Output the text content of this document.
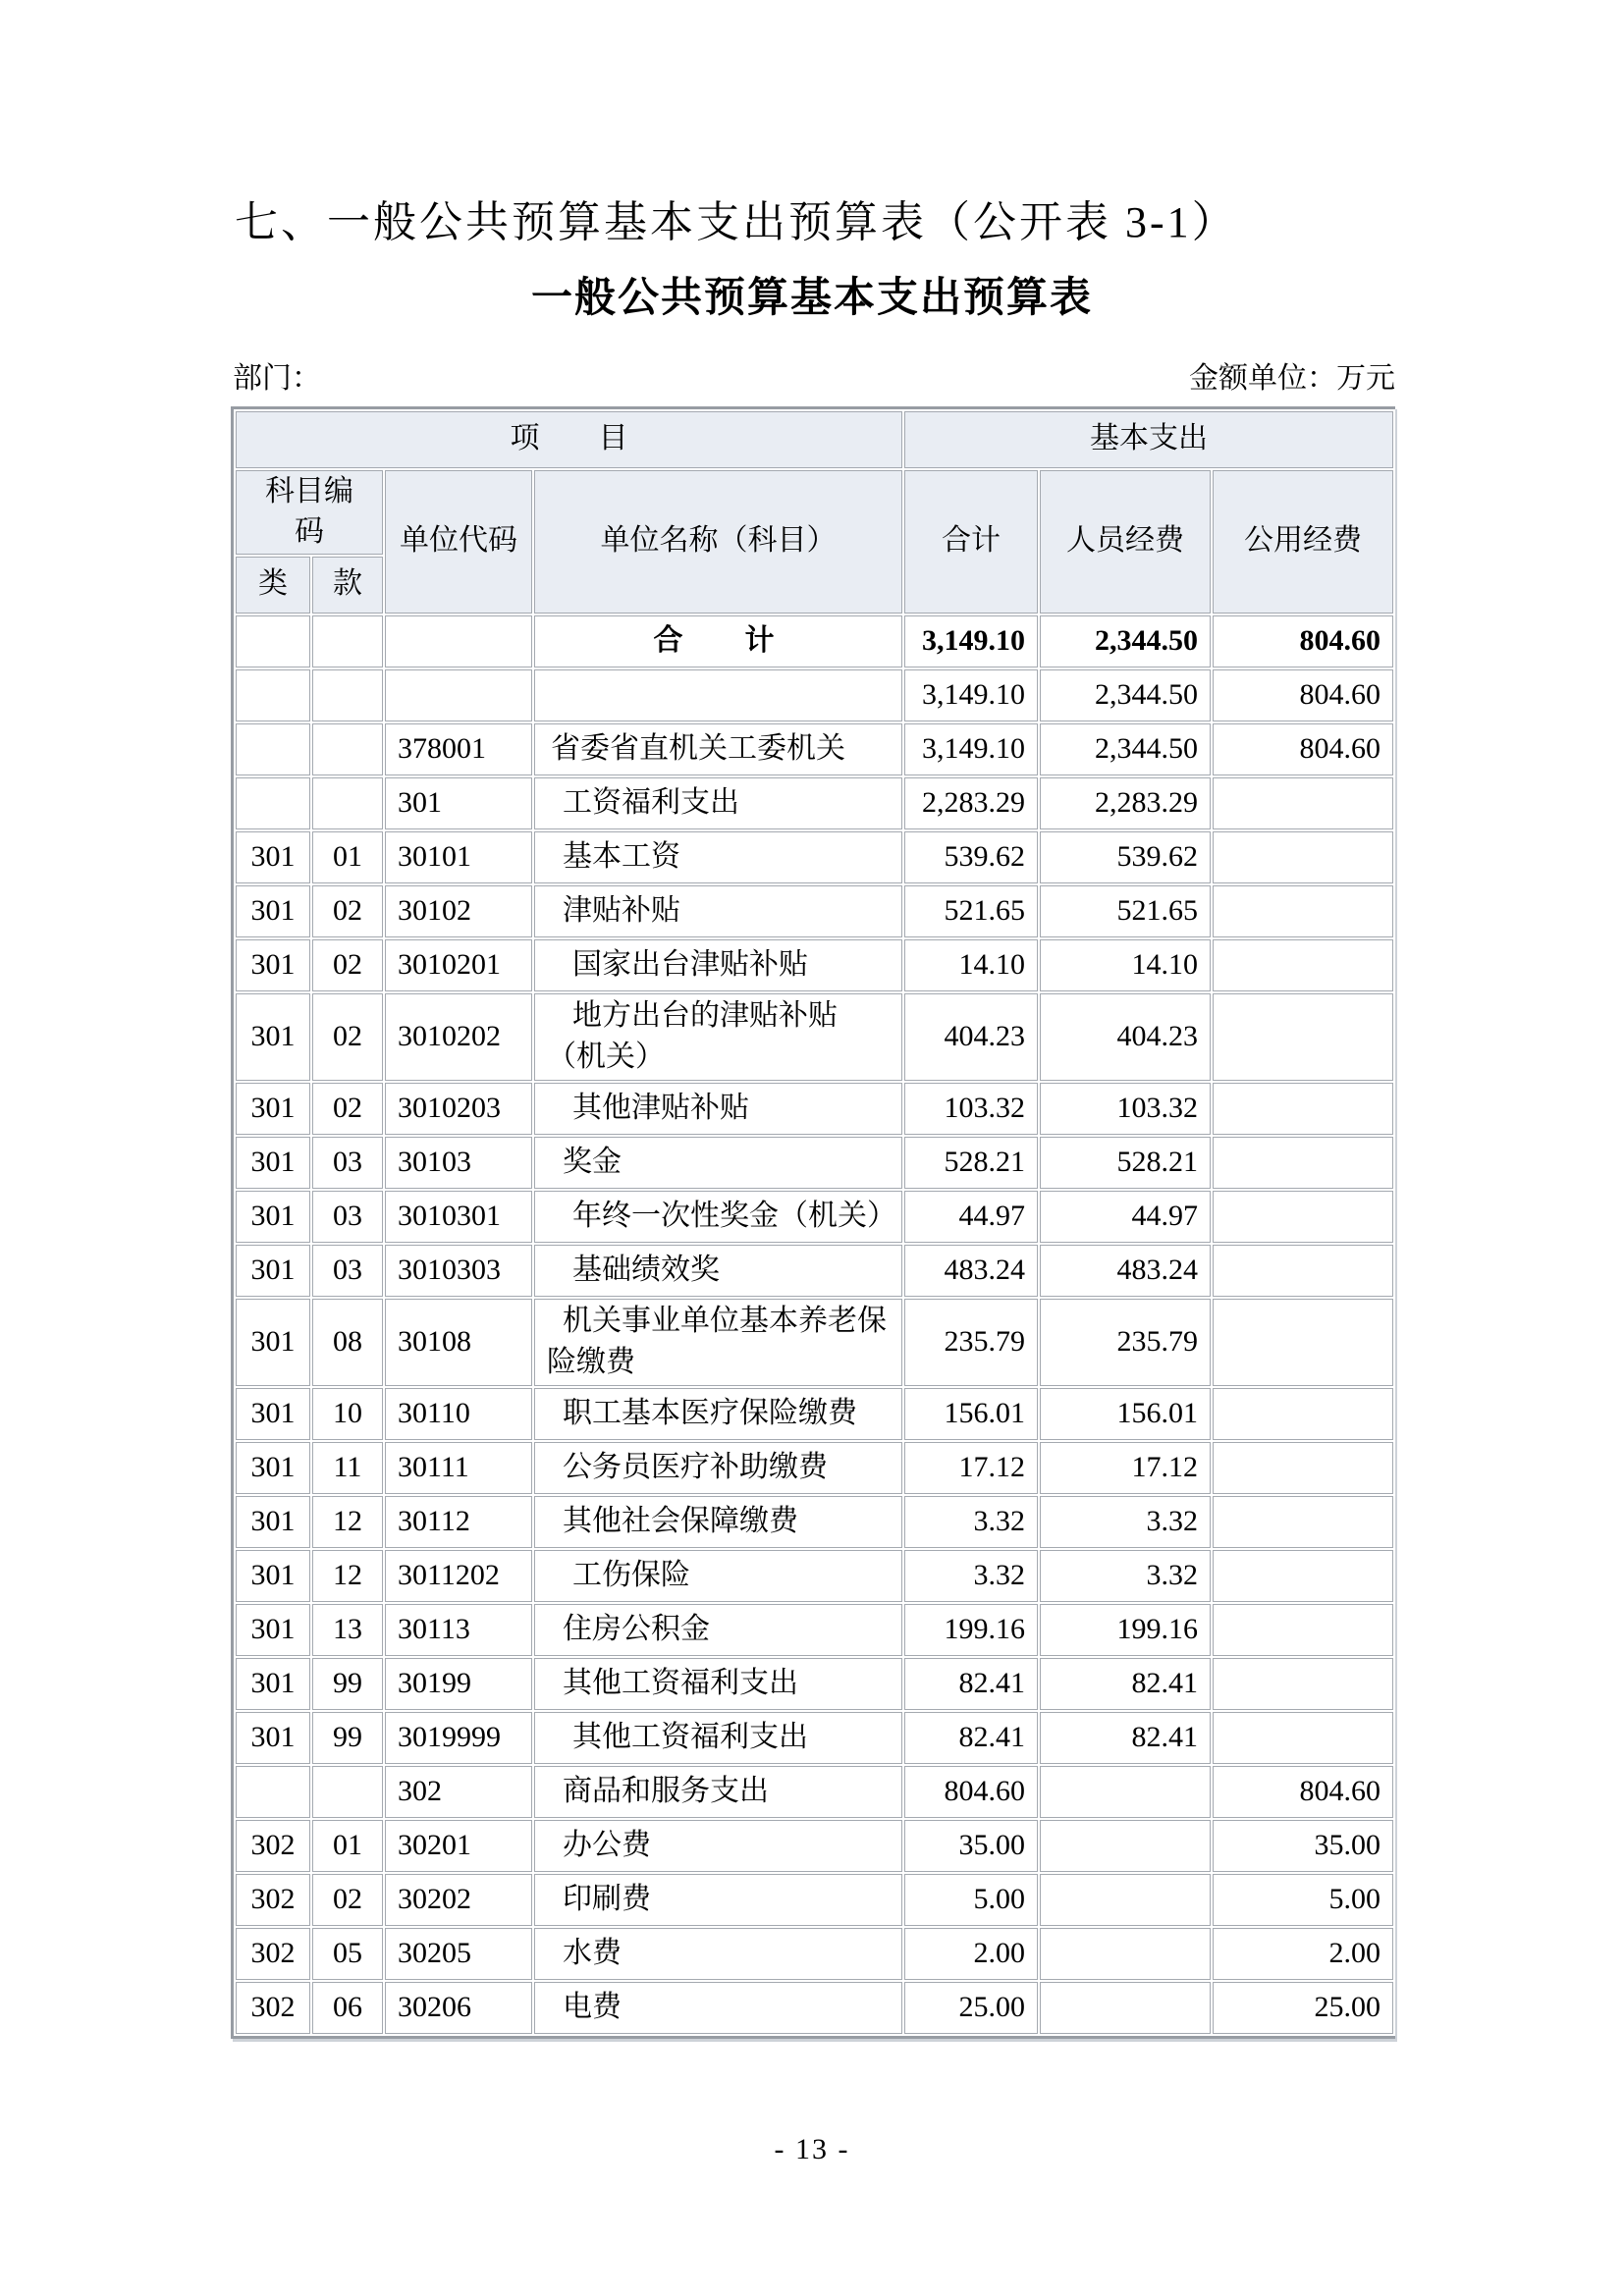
七、一般公共预算基本支出预算表（公开表 3-1）
一般公共预算基本支出预算表
部门：	金额单位：万元
项　　目				基本支出		
科目编码		单位代码	单位名称（科目）	合计	人员经费	公用经费
类	款					
			合　　计	3,149.10	2,344.50	804.60
				3,149.10	2,344.50	804.60
		378001	省委省直机关工委机关	3,149.10	2,344.50	804.60
		301	工资福利支出	2,283.29	2,283.29	
301	01	30101	基本工资	539.62	539.62	
301	02	30102	津贴补贴	521.65	521.65	
301	02	3010201	国家出台津贴补贴	14.10	14.10	
301	02	3010202	地方出台的津贴补贴（机关）	404.23	404.23	
301	02	3010203	其他津贴补贴	103.32	103.32	
301	03	30103	奖金	528.21	528.21	
301	03	3010301	年终一次性奖金（机关）	44.97	44.97	
301	03	3010303	基础绩效奖	483.24	483.24	
301	08	30108	机关事业单位基本养老保险缴费	235.79	235.79	
301	10	30110	职工基本医疗保险缴费	156.01	156.01	
301	11	30111	公务员医疗补助缴费	17.12	17.12	
301	12	30112	其他社会保障缴费	3.32	3.32	
301	12	3011202	工伤保险	3.32	3.32	
301	13	30113	住房公积金	199.16	199.16	
301	99	30199	其他工资福利支出	82.41	82.41	
301	99	3019999	其他工资福利支出	82.41	82.41	
		302	商品和服务支出	804.60		804.60
302	01	30201	办公费	35.00		35.00
302	02	30202	印刷费	5.00		5.00
302	05	30205	水费	2.00		2.00
302	06	30206	电费	25.00		25.00
- 13 -
